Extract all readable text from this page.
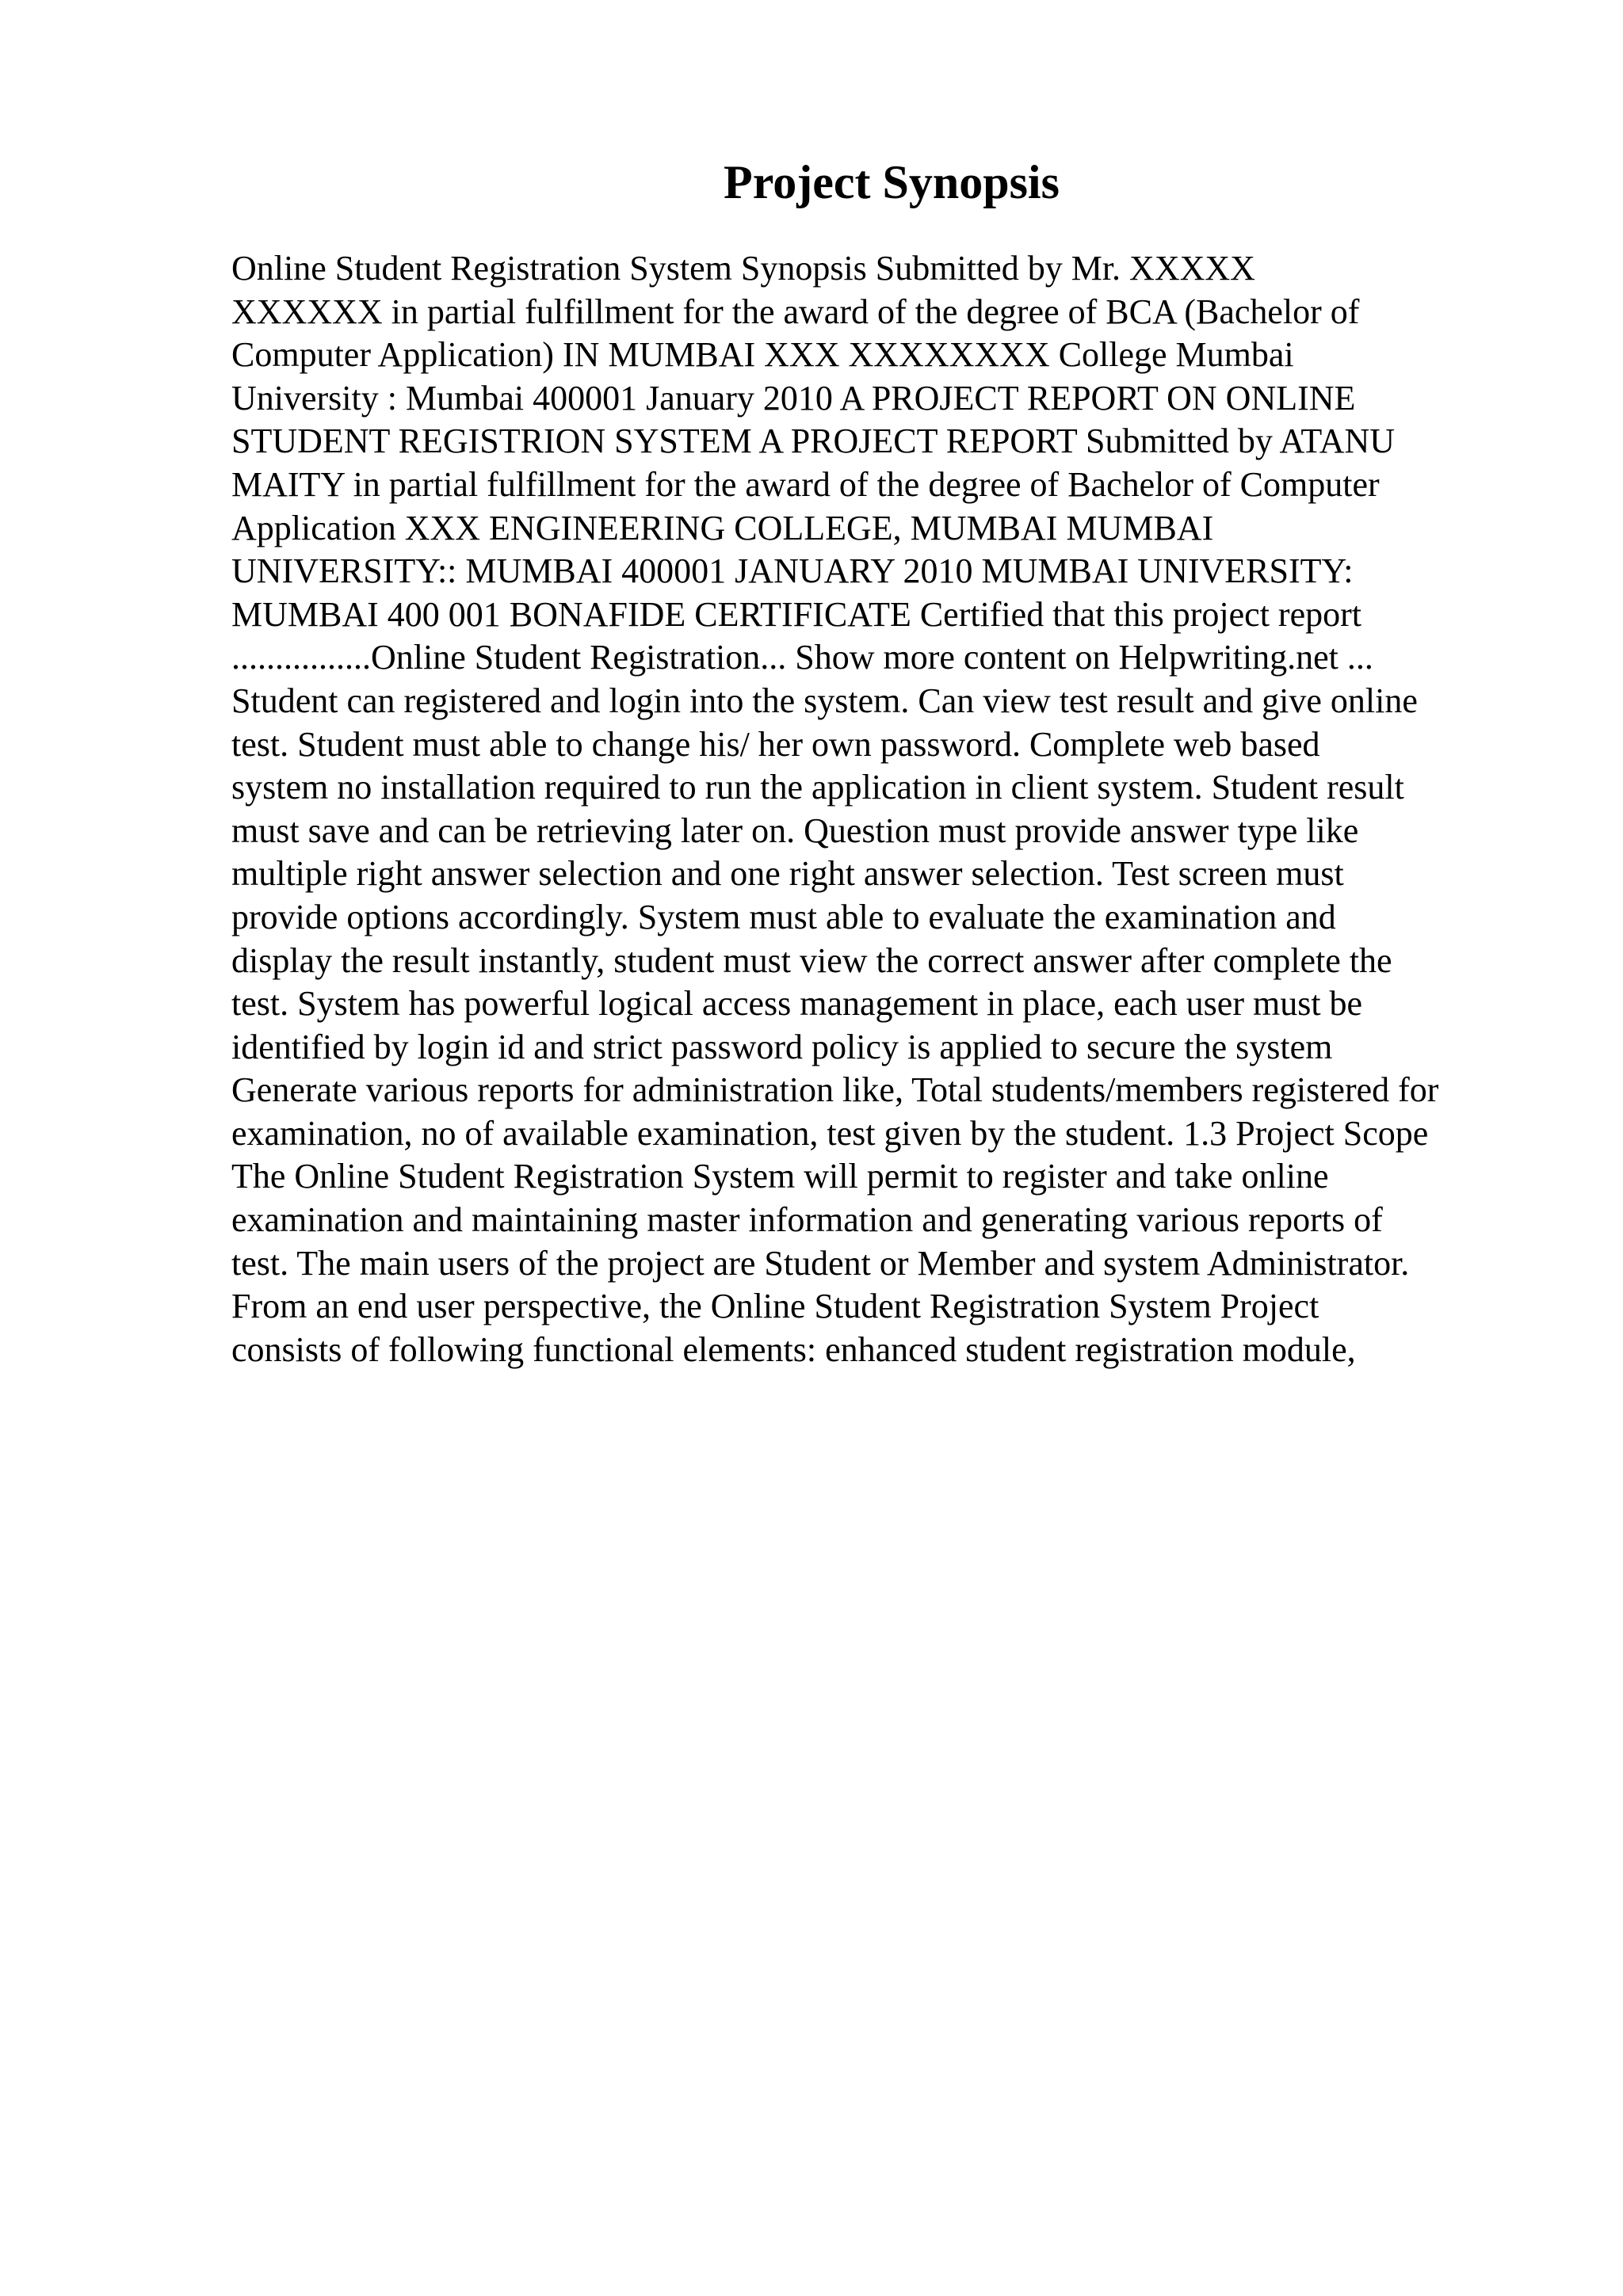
Project Synopsis
Online Student Registration System Synopsis Submitted by Mr. XXXXX
XXXXXX in partial fulfillment for the award of the degree of BCA (Bachelor of
Computer Application) IN MUMBAI XXX XXXXXXXX College Mumbai
University : Mumbai 400001 January 2010 A PROJECT REPORT ON ONLINE
STUDENT REGISTRION SYSTEM A PROJECT REPORT Submitted by ATANU
MAITY in partial fulfillment for the award of the degree of Bachelor of Computer
Application XXX ENGINEERING COLLEGE, MUMBAI MUMBAI
UNIVERSITY:: MUMBAI 400001 JANUARY 2010 MUMBAI UNIVERSITY:
MUMBAI 400 001 BONAFIDE CERTIFICATE Certified that this project report
................Online Student Registration... Show more content on Helpwriting.net ...
Student can registered and login into the system. Can view test result and give online
test. Student must able to change his/ her own password. Complete web based
system no installation required to run the application in client system. Student result
must save and can be retrieving later on. Question must provide answer type like
multiple right answer selection and one right answer selection. Test screen must
provide options accordingly. System must able to evaluate the examination and
display the result instantly, student must view the correct answer after complete the
test. System has powerful logical access management in place, each user must be
identified by login id and strict password policy is applied to secure the system
Generate various reports for administration like, Total students/members registered for
examination, no of available examination, test given by the student. 1.3 Project Scope
The Online Student Registration System will permit to register and take online
examination and maintaining master information and generating various reports of
test. The main users of the project are Student or Member and system Administrator.
From an end user perspective, the Online Student Registration System Project
consists of following functional elements: enhanced student registration module,
